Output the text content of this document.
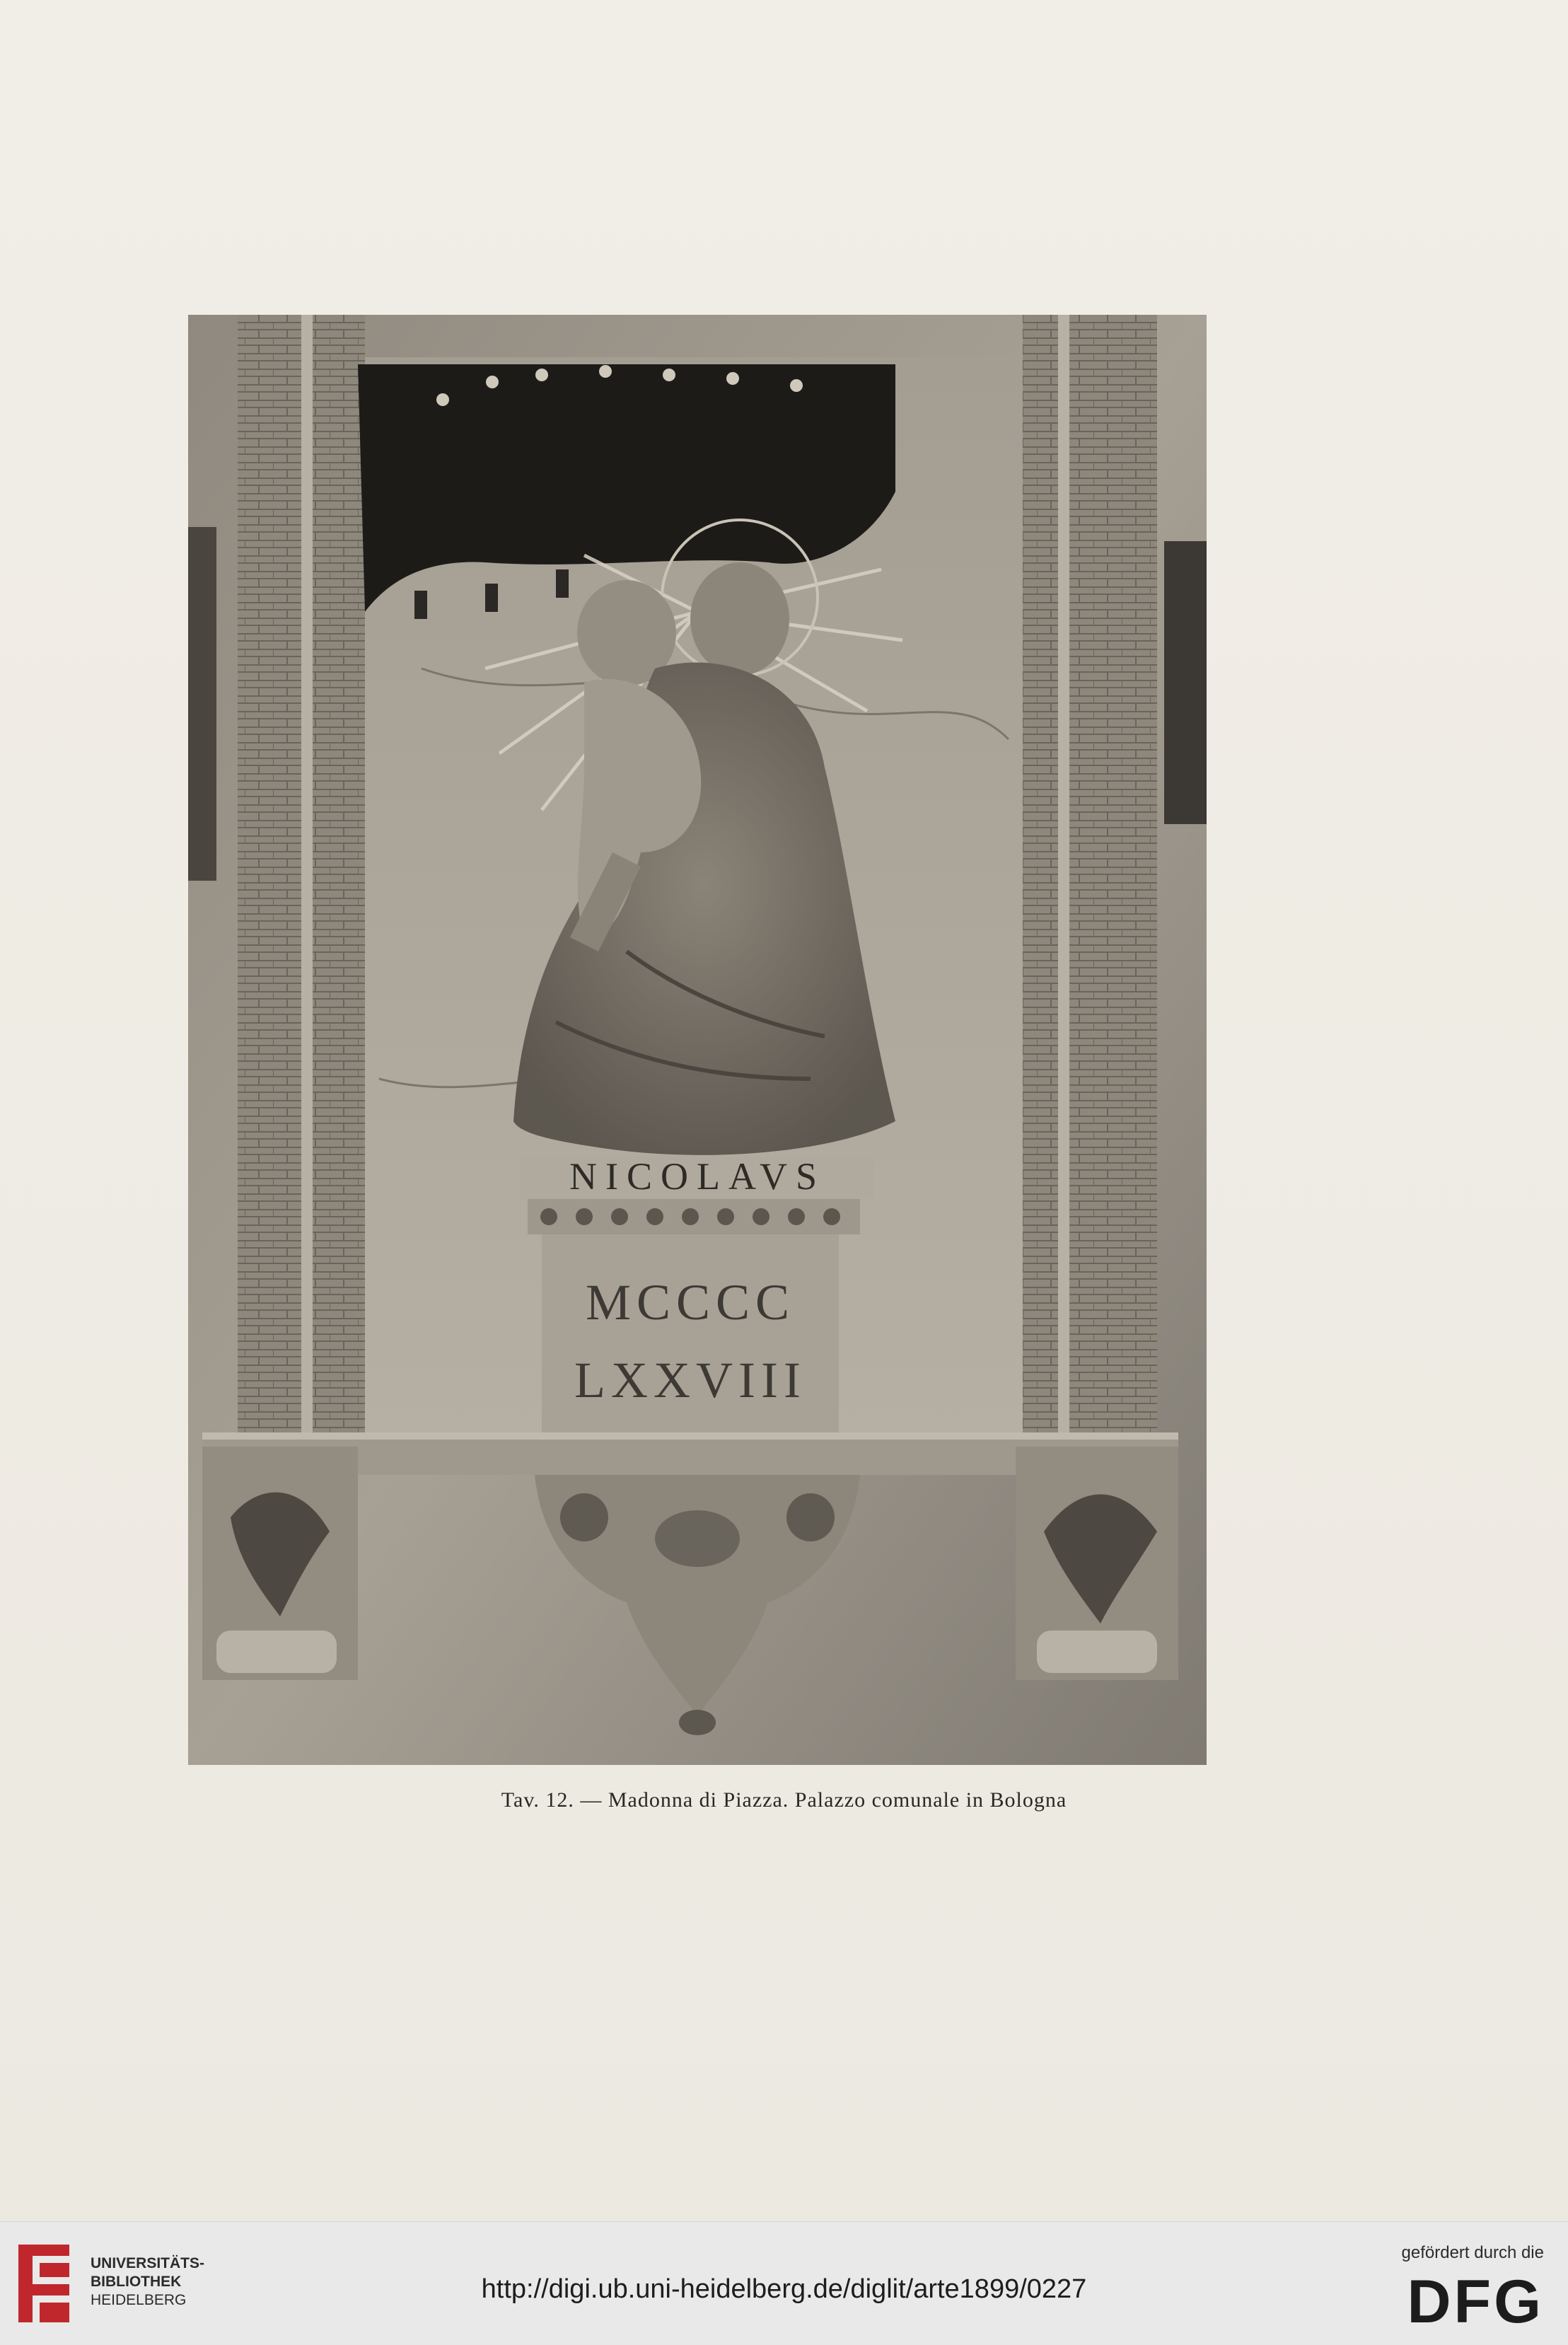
NICOLAVS
MCCCC
LXXVIII
Tav. 12. — Madonna di Piazza. Palazzo comunale in Bologna
UNIVERSITÄTS-
BIBLIOTHEK
HEIDELBERG	http://digi.ub.uni-heidelberg.de/diglit/arte1899/0227
gefördert durch die
DFG
